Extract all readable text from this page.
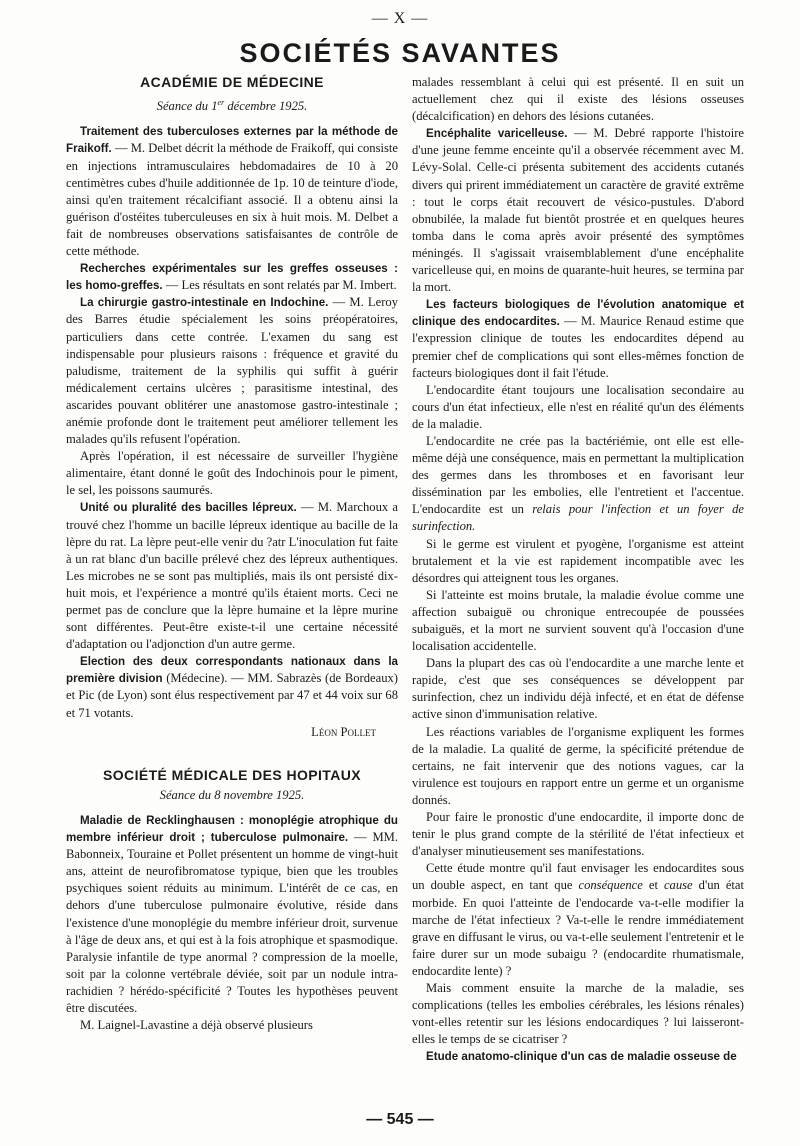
— X —
SOCIÉTÉS SAVANTES
ACADÉMIE DE MÉDECINE
Séance du 1er décembre 1925.

Traitement des tuberculoses externes par la méthode de Fraikoff. — M. Delbet décrit la méthode de Fraikoff, qui consiste en injections intramusculaires hebdomadaires de 10 à 20 centimètres cubes d'huile additionnée de 1p. 10 de teinture d'iode, ainsi qu'en traitement récalcifiant associé. Il a obtenu ainsi la guérison d'ostéites tuberculeuses en six à huit mois. M. Delbet a fait de nombreuses observations satisfaisantes de contrôle de cette méthode.

Recherches expérimentales sur les greffes osseuses : les homo-greffes. — Les résultats en sont relatés par M. Imbert.

La chirurgie gastro-intestinale en Indochine. — M. Leroy des Barres étudie spécialement les soins préopératoires, particuliers dans cette contrée. L'examen du sang est indispensable pour plusieurs raisons : fréquence et gravité du paludisme, traitement de la syphilis qui suffit à guérir médicalement certains ulcères ; parasitisme intestinal, des ascarides pouvant oblitérer une anastomose gastro-intestinale ; anémie profonde dont le traitement peut améliorer tellement les malades qu'ils refusent l'opération.

Après l'opération, il est nécessaire de surveiller l'hygiène alimentaire, étant donné le goût des Indochinois pour le piment, le sel, les poissons saumurés.

Unité ou pluralité des bacilles lépreux. — M. Marchoux a trouvé chez l'homme un bacille lépreux identique au bacille de la lèpre du rat. La lèpre peut-elle venir du ?atr L'inoculation fut faite à un rat blanc d'un bacille prélevé chez des lépreux authentiques. Les microbes ne se sont pas multipliés, mais ils ont persisté dix-huit mois, et l'expérience a montré qu'ils étaient morts. Ceci ne permet pas de conclure que la lèpre humaine et la lèpre murine sont différentes. Peut-être existe-t-il une certaine nécessité d'adaptation ou l'adjonction d'un autre germe.

Election des deux correspondants nationaux dans la première division (Médecine). — MM. Sabrazès (de Bordeaux) et Pic (de Lyon) sont élus respectivement par 47 et 44 voix sur 68 et 71 votants.

Léon Pollet
SOCIÉTÉ MÉDICALE DES HOPITAUX
Séance du 8 novembre 1925.

Maladie de Recklinghausen : monoplégie atrophique du membre inférieur droit ; tuberculose pulmonaire. — MM. Babonneix, Touraine et Pollet présentent un homme de vingt-huit ans, atteint de neurofibromatose typique, bien que les troubles psychiques soient réduits au minimum. L'intérêt de ce cas, en dehors d'une tuberculose pulmonaire évolutive, réside dans l'existence d'une monoplégie du membre inférieur droit, survenue à l'âge de deux ans, et qui est à la fois atrophique et spasmodique. Paralysie infantile de type anormal ? compression de la moelle, soit par la colonne vertébrale déviée, soit par un nodule intra-rachidien ? hérédo-spécificité ? Toutes les hypothèses peuvent être discutées.

M. Laignel-Lavastine a déjà observé plusieurs

malades ressemblant à celui qui est présenté. Il en suit un actuellement chez qui il existe des lésions osseuses (décalcification) en dehors des lésions cutanées.

Encéphalite varicelleuse. — M. Debré rapporte l'histoire d'une jeune femme enceinte qu'il a observée récemment avec M. Lévy-Solal. Celle-ci présenta subitement des accidents cutanés divers qui prirent immédiatement un caractère de gravité extrême : tout le corps était recouvert de vésico-pustules. D'abord obnubilée, la malade fut bientôt prostrée et en quelques heures tomba dans le coma après avoir présenté des symptômes méningés. Il s'agissait vraisemblablement d'une encéphalite varicelleuse qui, en moins de quarante-huit heures, se termina par la mort.

Les facteurs biologiques de l'évolution anatomique et clinique des endocardites. — M. Maurice Renaud estime que l'expression clinique de toutes les endocardites dépend au premier chef de complications qui sont elles-mêmes fonction de facteurs biologiques dont il fait l'étude.

L'endocardite étant toujours une localisation secondaire au cours d'un état infectieux, elle n'est en réalité qu'un des éléments de la maladie.

L'endocardite ne crée pas la bactériémie, ont elle est elle-même déjà une conséquence, mais en permettant la multiplication des germes dans les thromboses et en favorisant leur dissémination par les embolies, elle l'entretient et l'accentue. L'endocardite est un relais pour l'infection et un foyer de surinfection.

Si le germe est virulent et pyogène, l'organisme est atteint brutalement et la vie est rapidement incompatible avec les désordres qui atteignent tous les organes.

Si l'atteinte est moins brutale, la maladie évolue comme une affection subaiguë ou chronique entrecoupée de poussées subaiguës, et la mort ne survient souvent qu'à l'occasion d'une localisation accidentelle.

Dans la plupart des cas où l'endocardite a une marche lente et rapide, c'est que ses conséquences se développent par surinfection, chez un individu déjà infecté, et en état de défense active sinon d'immunisation relative.

Les réactions variables de l'organisme expliquent les formes de la maladie. La qualité de germe, la spécificité prétendue de certains, ne fait intervenir que des notions vagues, car la virulence est toujours en rapport entre un germe et un organisme donnés.

Pour faire le pronostic d'une endocardite, il importe donc de tenir le plus grand compte de la stérilité de l'état infectieux et d'analyser minutieusement ses manifestations.

Cette étude montre qu'il faut envisager les endocardites sous un double aspect, en tant que conséquence et cause d'un état morbide. En quoi l'atteinte de l'endocarde va-t-elle modifier la marche de l'état infectieux ? Va-t-elle le rendre immédiatement grave en diffusant le virus, ou va-t-elle seulement l'entretenir et le faire durer sur un mode subaigu ? (endocardite rhumatismale, endocardite lente) ?

Mais comment ensuite la marche de la maladie, ses complications (telles les embolies cérébrales, les lésions rénales) vont-elles retentir sur les lésions endocardiques ? lui laisseront-elles le temps de se cicatriser ?

Etude anatomo-clinique d'un cas de maladie osseuse de

— 545 —
